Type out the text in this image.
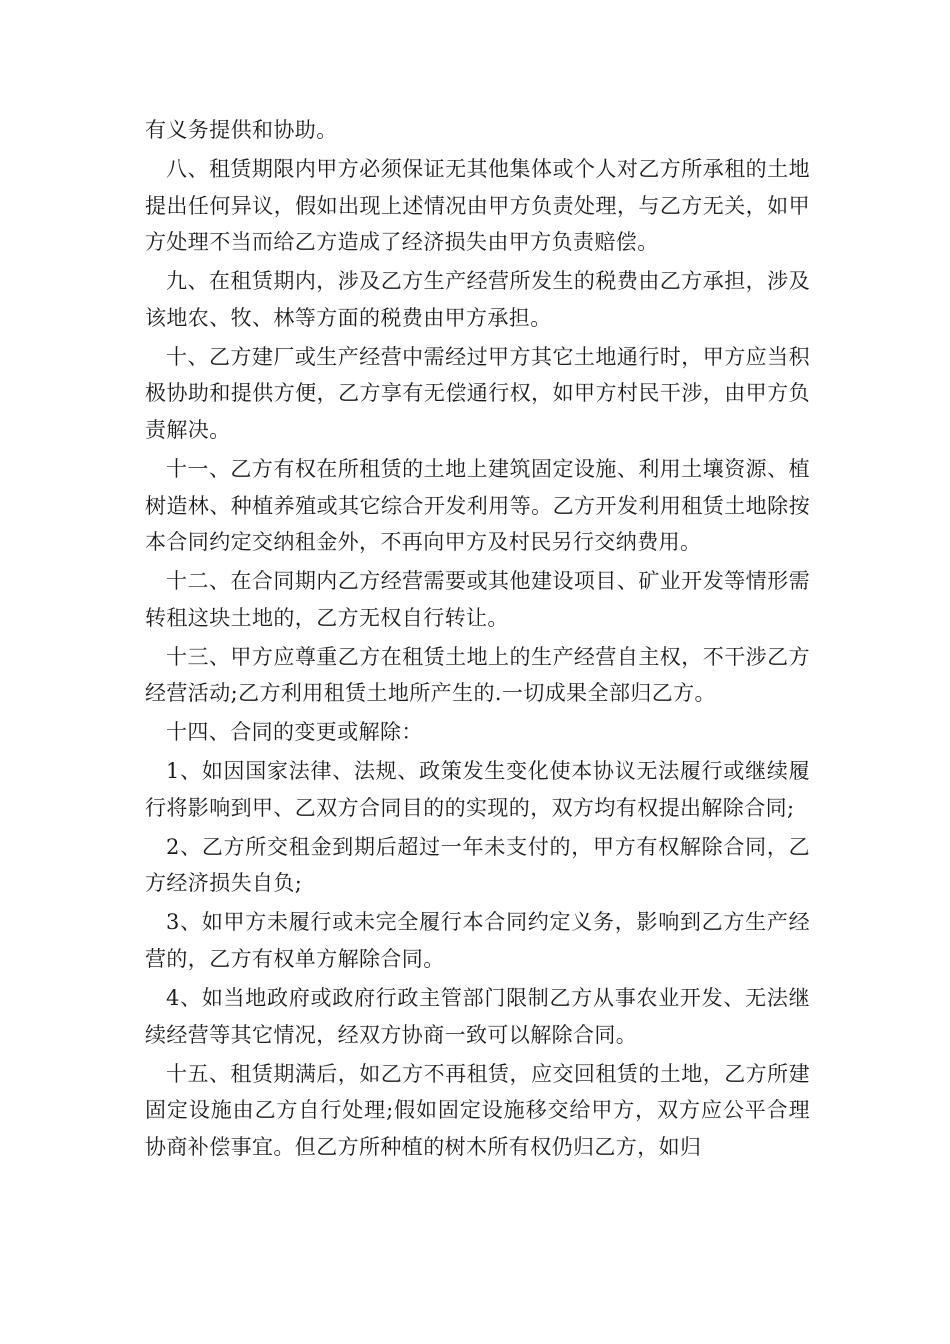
有义务提供和协助。

八、租赁期限内甲方必须保证无其他集体或个人对乙方所承租的土地提出任何异议，假如出现上述情况由甲方负责处理，与乙方无关，如甲方处理不当而给乙方造成了经济损失由甲方负责赔偿。

九、在租赁期内，涉及乙方生产经营所发生的税费由乙方承担，涉及该地农、牧、林等方面的税费由甲方承担。

十、乙方建厂或生产经营中需经过甲方其它土地通行时，甲方应当积极协助和提供方便，乙方享有无偿通行权，如甲方村民干涉，由甲方负责解决。

十一、乙方有权在所租赁的土地上建筑固定设施、利用土壤资源、植树造林、种植养殖或其它综合开发利用等。乙方开发利用租赁土地除按本合同约定交纳租金外，不再向甲方及村民另行交纳费用。

十二、在合同期内乙方经营需要或其他建设项目、矿业开发等情形需转租这块土地的，乙方无权自行转让。

十三、甲方应尊重乙方在租赁土地上的生产经营自主权，不干涉乙方经营活动;乙方利用租赁土地所产生的.一切成果全部归乙方。

十四、合同的变更或解除：

1、如因国家法律、法规、政策发生变化使本协议无法履行或继续履行将影响到甲、乙双方合同目的的实现的，双方均有权提出解除合同;

2、乙方所交租金到期后超过一年未支付的，甲方有权解除合同，乙方经济损失自负;

3、如甲方未履行或未完全履行本合同约定义务，影响到乙方生产经营的，乙方有权单方解除合同。

4、如当地政府或政府行政主管部门限制乙方从事农业开发、无法继续经营等其它情况，经双方协商一致可以解除合同。

十五、租赁期满后，如乙方不再租赁，应交回租赁的土地，乙方所建固定设施由乙方自行处理;假如固定设施移交给甲方，双方应公平合理协商补偿事宜。但乙方所种植的树木所有权仍归乙方，如归
